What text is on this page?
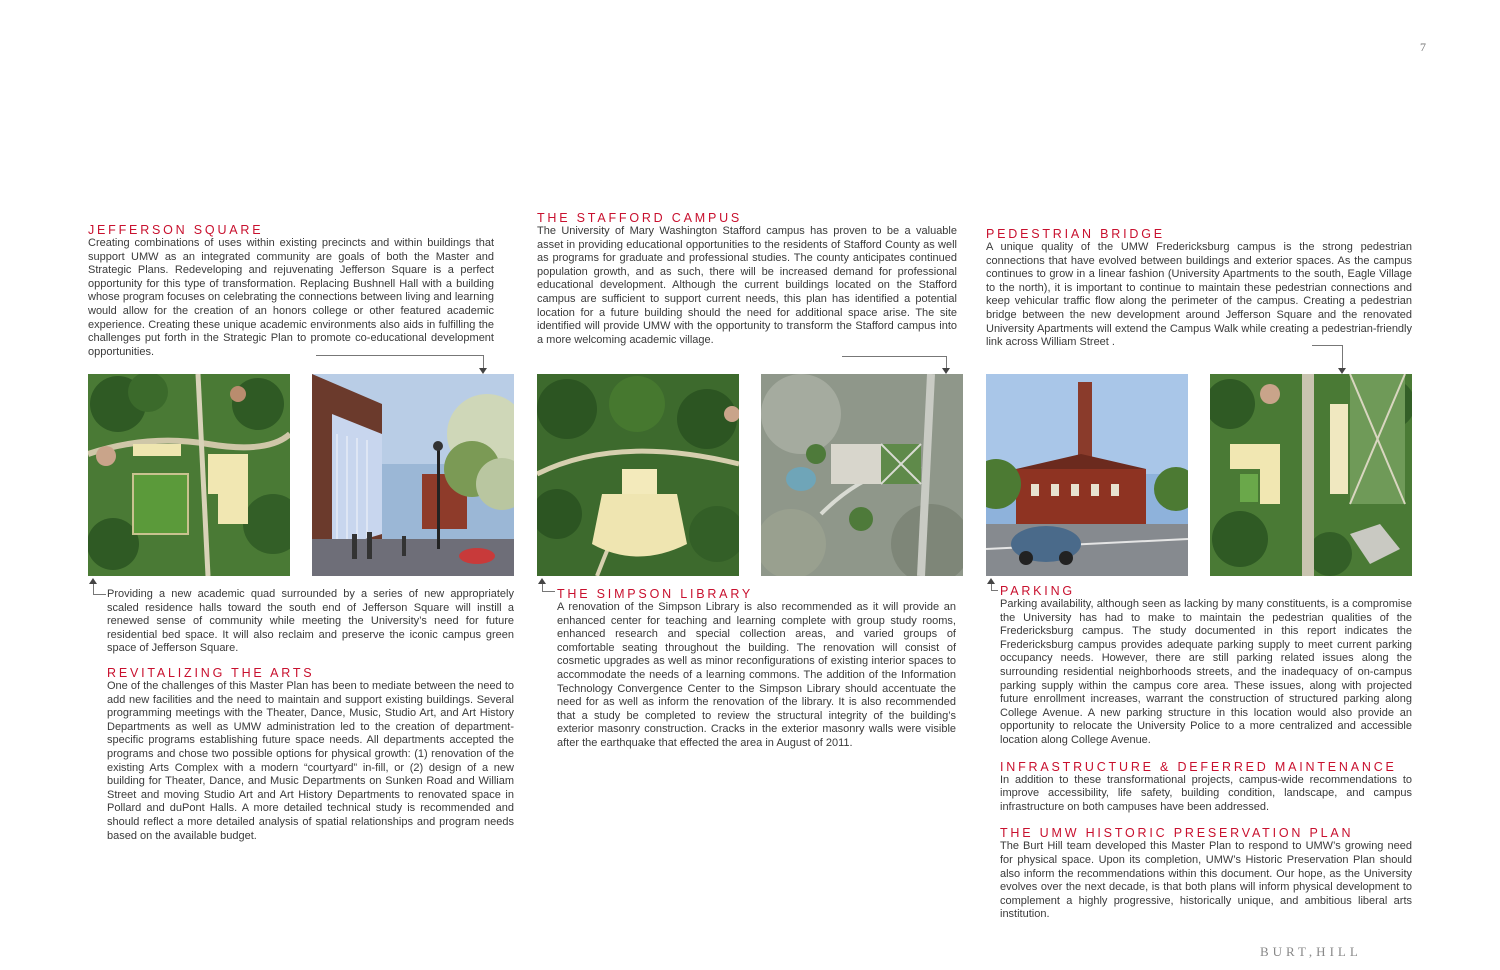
7
JEFFERSON SQUARE

Creating combinations of uses within existing precincts and within buildings that support UMW as an integrated community are goals of both the Master and Strategic Plans. Redeveloping and rejuvenating Jefferson Square is a perfect opportunity for this type of transformation. Replacing Bushnell Hall with a building whose program focuses on celebrating the connections between living and learning would allow for the creation of an honors college or other featured academic experience. Creating these unique academic environments also aids in fulfilling the challenges put forth in the Strategic Plan to promote co-educational development opportunities.

THE STAFFORD CAMPUS

The University of Mary Washington Stafford campus has proven to be a valuable asset in providing educational opportunities to the residents of Stafford County as well as programs for graduate and professional studies. The county anticipates continued population growth, and as such, there will be increased demand for professional educational development. Although the current buildings located on the Stafford campus are sufficient to support current needs, this plan has identified a potential location for a future building should the need for additional space arise. The site identified will provide UMW with the opportunity to transform the Stafford campus into a more welcoming academic village.

PEDESTRIAN BRIDGE

A unique quality of the UMW Fredericksburg campus is the strong pedestrian connections that have evolved between buildings and exterior spaces. As the campus continues to grow in a linear fashion (University Apartments to the south, Eagle Village to the north), it is important to continue to maintain these pedestrian connections and keep vehicular traffic flow along the perimeter of the campus. Creating a pedestrian bridge between the new development around Jefferson Square and the renovated University Apartments will extend the Campus Walk while creating a pedestrian-friendly link across William Street .

Providing a new academic quad surrounded by a series of new appropriately scaled residence halls toward the south end of Jefferson Square will instill a renewed sense of community while meeting the University’s need for future residential bed space. It will also reclaim and preserve the iconic campus green space of Jefferson Square.

REVITALIZING THE ARTS

One of the challenges of this Master Plan has been to mediate between the need to add new facilities and the need to maintain and support existing buildings. Several programming meetings with the Theater, Dance, Music, Studio Art, and Art History Departments as well as UMW administration led to the creation of department-specific programs establishing future space needs. All departments accepted the programs and chose two possible options for physical growth: (1) renovation of the existing Arts Complex with a modern “courtyard” in-fill, or (2) design of a new building for Theater, Dance, and Music Departments on Sunken Road and William Street and moving Studio Art and Art History Departments to renovated space in Pollard and duPont Halls. A more detailed technical study is recommended and should reflect a more detailed analysis of spatial relationships and program needs based on the available budget.

THE SIMPSON LIBRARY

A renovation of the Simpson Library is also recommended as it will provide an enhanced center for teaching and learning complete with group study rooms, enhanced research and special collection areas, and varied groups of comfortable seating throughout the building. The renovation will consist of cosmetic upgrades as well as minor reconfigurations of existing interior spaces to accommodate the needs of a learning commons. The addition of the Information Technology Convergence Center to the Simpson Library should accentuate the need for as well as inform the renovation of the library. It is also recommended that a study be completed to review the structural integrity of the building’s exterior masonry construction. Cracks in the exterior masonry walls were visible after the earthquake that effected the area in August of 2011.

PARKING

Parking availability, although seen as lacking by many constituents, is a compromise the University has had to make to maintain the pedestrian qualities of the Fredericksburg campus. The study documented in this report indicates the Fredericksburg campus provides adequate parking supply to meet current parking occupancy needs. However, there are still parking related issues along the surrounding residential neighborhoods streets, and the inadequacy of on-campus parking supply within the campus core area. These issues, along with projected future enrollment increases, warrant the construction of structured parking along College Avenue. A new parking structure in this location would also provide an opportunity to relocate the University Police to a more centralized and accessible location along College Avenue.

INFRASTRUCTURE & DEFERRED MAINTENANCE

In addition to these transformational projects, campus-wide recommendations to improve accessibility, life safety, building condition, landscape, and campus infrastructure on both campuses have been addressed.

THE UMW HISTORIC PRESERVATION PLAN

The Burt Hill team developed this Master Plan to respond to UMW’s growing need for physical space. Upon its completion, UMW’s Historic Preservation Plan should also inform the recommendations within this document. Our hope, as the University evolves over the next decade, is that both plans will inform physical development to complement a highly progressive, historically unique, and ambitious liberal arts institution.

BURT,HILL
